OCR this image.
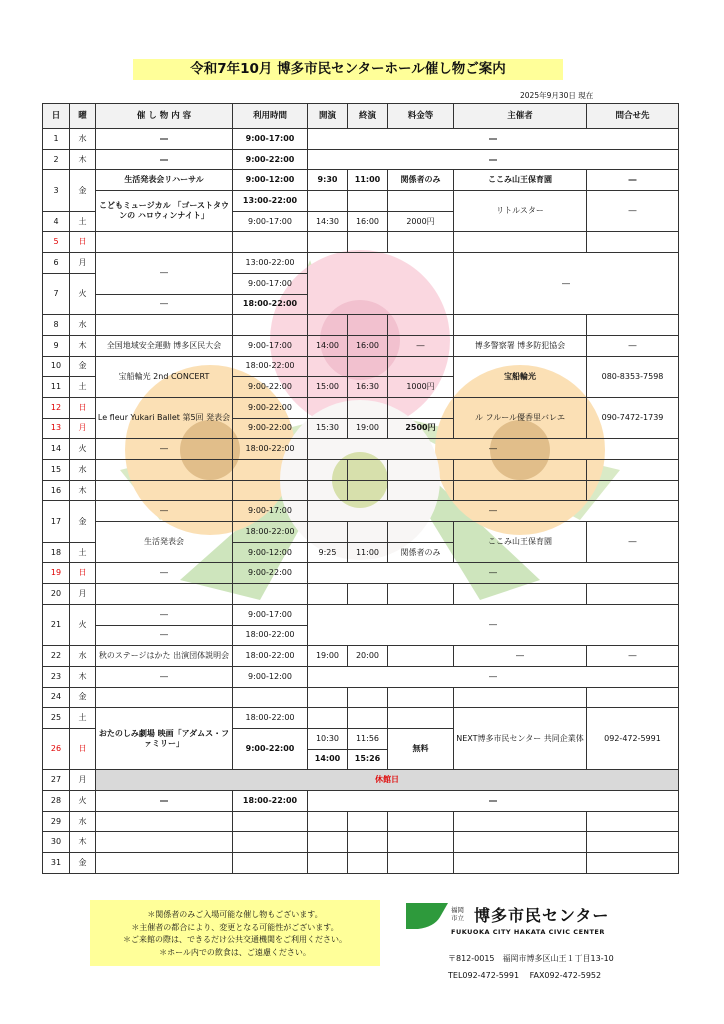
令和7年10月 博多市民センターホール催し物ご案内
2025年9月30日 現在
日	曜	催 し 物 内 容	利用時間	開演	終演	料金等	主催者	問合せ先
1	水	―	9:00-17:00	―				
2	木	―	9:00-22:00	―				
3	金	生活発表会リハーサル	9:00-12:00	9:30	11:00	関係者のみ	ここみ山王保育園	―
		こどもミュージカル 「ゴーストタウンの ハロウィンナイト」	13:00-22:00				リトルスター	―
4	土		9:00-17:00	14:30	16:00	2000円		
5	日							
6	月	―	13:00-22:00				―	
7	火		9:00-17:00					
		―	18:00-22:00					
8	水							
9	木	全国地域安全運動 博多区民大会	9:00-17:00	14:00	16:00	―	博多警察署 博多防犯協会	―
10	金	宝船輪光 2nd CONCERT	18:00-22:00				宝船輪光	080-8353-7598
11	土		9:00-22:00	15:00	16:30	1000円		
12	日	Le fleur Yukari Ballet 第5回 発表会	9:00-22:00				ル フルール優香里バレエ	090-7472-1739
13	月		9:00-22:00	15:30	19:00	2500円		
14	火	―	18:00-22:00	―				
15	水							
16	木							
17	金	―	9:00-17:00	―				
		生活発表会	18:00-22:00				ここみ山王保育園	―
18	土		9:00-12:00	9:25	11:00	関係者のみ		
19	日	―	9:00-22:00	―				
20	月							
21	火	―	9:00-17:00	―				
		―	18:00-22:00					
22	水	秋のステージはかた 出演団体説明会	18:00-22:00	19:00	20:00		―	―
23	木	―	9:00-12:00	―				
24	金							
25	土	おたのしみ劇場 映画「アダムス・ファミリー」	18:00-22:00				NEXT博多市民センター 共同企業体	092-472-5991
26	日		9:00-22:00	10:30	11:56	無料		
				14:00	15:26			
27	月	休館日						
28	火	―	18:00-22:00	―				
29	水							
30	木							
31	金							
＊関係者のみご入場可能な催し物もございます。
＊主催者の都合により、変更となる可能性がございます。
＊ご来館の際は、できるだけ公共交通機関をご利用ください。
＊ホール内での飲食は、ご遠慮ください。
福岡
市立 博多市民センター
FUKUOKA CITY HAKATA CIVIC CENTER
〒812-0015　福岡市博多区山王１丁目13-10
TEL092-472-5991　 FAX092-472-5952
